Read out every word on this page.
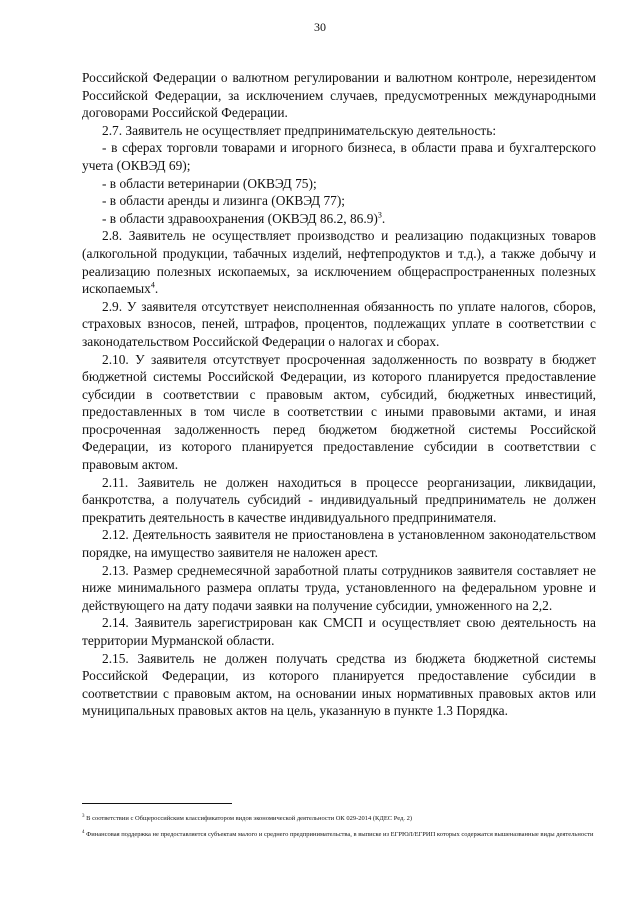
30

Российской Федерации о валютном регулировании и валютном контроле, нерезидентом Российской Федерации, за исключением случаев, предусмотренных международными договорами Российской Федерации.

2.7. Заявитель не осуществляет предпринимательскую деятельность:

- в сферах торговли товарами и игорного бизнеса, в области права и бухгалтерского учета (ОКВЭД 69);

- в области ветеринарии (ОКВЭД 75);

- в области аренды и лизинга (ОКВЭД 77);

- в области здравоохранения (ОКВЭД 86.2, 86.9)$^3$.

2.8. Заявитель не осуществляет производство и реализацию подакцизных товаров (алкогольной продукции, табачных изделий, нефтепродуктов и т.д.), а также добычу и реализацию полезных ископаемых, за исключением общераспространенных полезных ископаемых$^4$.

2.9. У заявителя отсутствует неисполненная обязанность по уплате налогов, сборов, страховых взносов, пеней, штрафов, процентов, подлежащих уплате в соответствии с законодательством Российской Федерации о налогах и сборах.

2.10. У заявителя отсутствует просроченная задолженность по возврату в бюджет бюджетной системы Российской Федерации, из которого планируется предоставление субсидии в соответствии с правовым актом, субсидий, бюджетных инвестиций, предоставленных в том числе в соответствии с иными правовыми актами, и иная просроченная задолженность перед бюджетом бюджетной системы Российской Федерации, из которого планируется предоставление субсидии в соответствии с правовым актом.

2.11. Заявитель не должен находиться в процессе реорганизации, ликвидации, банкротства, а получатель субсидий - индивидуальный предприниматель не должен прекратить деятельность в качестве индивидуального предпринимателя.

2.12. Деятельность заявителя не приостановлена в установленном законодательством порядке, на имущество заявителя не наложен арест.

2.13. Размер среднемесячной заработной платы сотрудников заявителя составляет не ниже минимального размера оплаты труда, установленного на федеральном уровне и действующего на дату подачи заявки на получение субсидии, умноженного на 2,2.

2.14. Заявитель зарегистрирован как СМСП и осуществляет свою деятельность на территории Мурманской области.

2.15. Заявитель не должен получать средства из бюджета бюджетной системы Российской Федерации, из которого планируется предоставление субсидии в соответствии с правовым актом, на основании иных нормативных правовых актов или муниципальных правовых актов на цель, указанную в пункте 1.3 Порядка.

$^3$ В соответствии с Общероссийским классификатором видов экономической деятельности ОК 029-2014 (КДЕС Ред. 2)

$^4$ Финансовая поддержка не предоставляется субъектам малого и среднего предпринимательства, в выписке из ЕГРЮЛ/ЕГРИП которых содержатся вышеназванные виды деятельности
